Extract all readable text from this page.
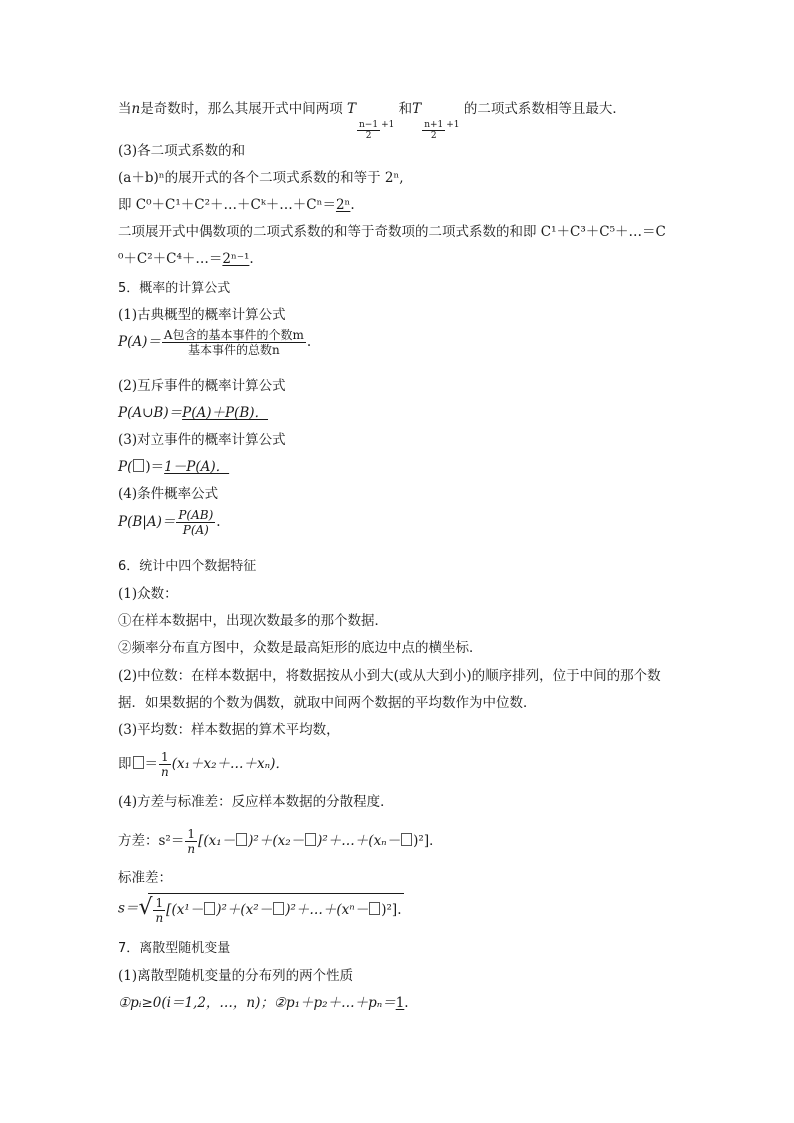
当n是奇数时，那么其展开式中间两项 T
$\frac{n-1}{2} _{+1}$ 和T
$\frac{n+1}{2} _{+1}$ 的二项式系数相等且最大．
(3)各二项式系数的和
(a＋b)ⁿ的展开式的各个二项式系数的和等于 2ⁿ,
即 C⁰＋C¹＋C²＋…＋Cᵏ＋…＋Cⁿ＝2ⁿ.
二项展开式中偶数项的二项式系数的和等于奇数项的二项式系数的和即 C¹＋C³＋C⁵＋…＝C
⁰＋C²＋C⁴＋…＝2ⁿ⁻¹.
5．概率的计算公式
(1)古典概型的概率计算公式
$P(A)= \frac{\text{A包含的基本事件的个数m}}{\text{基本事件的总数n}}$ .
(2)互斥事件的概率计算公式
P(A∪B)＝P(A)＋P(B)．
(3)对立事件的概率计算公式
P( )＝1－P(A)．
(4)条件概率公式
$P(B|A)= \frac{P(AB)}{P(A)}$ .
6．统计中四个数据特征
(1)众数：
①在样本数据中，出现次数最多的那个数据．
②频率分布直方图中，众数是最高矩形的底边中点的横坐标．
(2)中位数：在样本数据中，将数据按从小到大(或从大到小)的顺序排列，位于中间的那个数
据．如果数据的个数为偶数，就取中间两个数据的平均数作为中位数．
(3)平均数：样本数据的算术平均数，
即 ＝ $\frac{1}{n}$ (x₁＋x₂＋…＋xₙ)．
(4)方差与标准差：反应样本数据的分散程度．
方差：$s^2= \frac{1}{n} [(x_1- )^2+(x_2-$ )²＋…＋(xₙ－ )²]．
标准差：
s＝ √ $\frac{1}{n} [(x^1- )^2+(x^2-$ )²＋…＋(xⁿ－ )²].
7．离散型随机变量
(1)离散型随机变量的分布列的两个性质
①pᵢ≥0(i＝1,2，…，n)；②p₁＋p₂＋…＋pₙ＝1.
